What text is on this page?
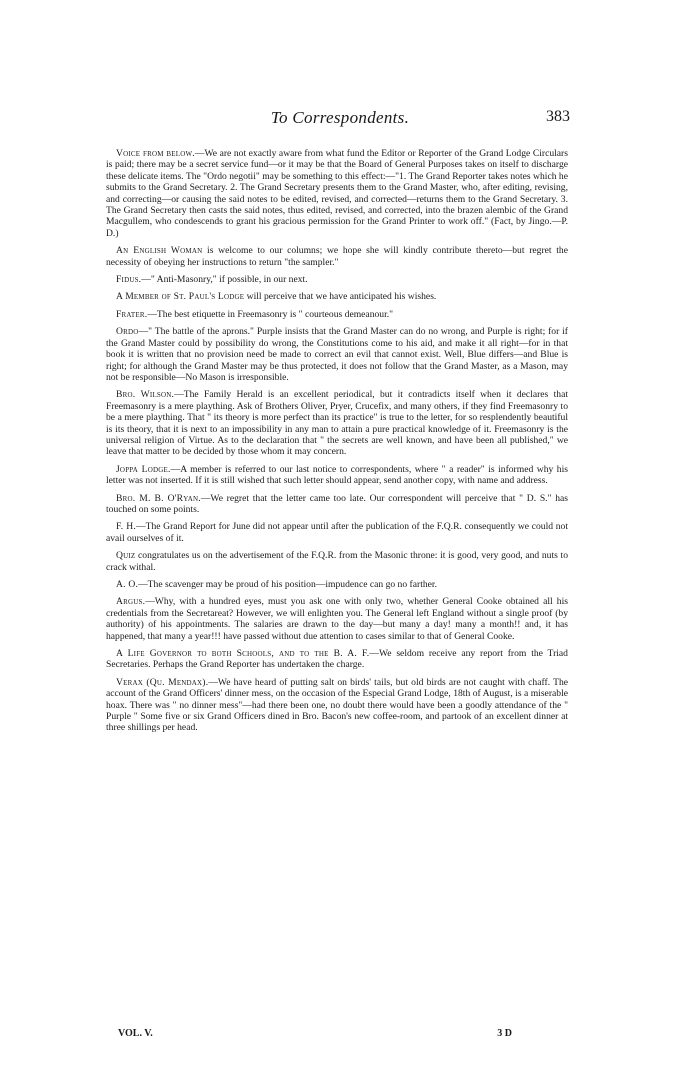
To Correspondents.	383

Voice from below.—We are not exactly aware from what fund the Editor or Reporter of the Grand Lodge Circulars is paid; there may be a secret service fund—or it may be that the Board of General Purposes takes on itself to discharge these delicate items. The "Ordo negotii" may be something to this effect:—"1. The Grand Reporter takes notes which he submits to the Grand Secretary. 2. The Grand Secretary presents them to the Grand Master, who, after editing, revising, and correcting—or causing the said notes to be edited, revised, and corrected—returns them to the Grand Secretary. 3. The Grand Secretary then casts the said notes, thus edited, revised, and corrected, into the brazen alembic of the Grand Macgullem, who condescends to grant his gracious permission for the Grand Printer to work off." (Fact, by Jingo.—P. D.)

An English Woman is welcome to our columns; we hope she will kindly contribute thereto—but regret the necessity of obeying her instructions to return "the sampler."

Fidus.—" Anti-Masonry," if possible, in our next.

A Member of St. Paul's Lodge will perceive that we have anticipated his wishes.

Frater.—The best etiquette in Freemasonry is " courteous demeanour."

Ordo—" The battle of the aprons." Purple insists that the Grand Master can do no wrong, and Purple is right; for if the Grand Master could by possibility do wrong, the Constitutions come to his aid, and make it all right—for in that book it is written that no provision need be made to correct an evil that cannot exist. Well, Blue differs—and Blue is right; for although the Grand Master may be thus protected, it does not follow that the Grand Master, as a Mason, may not be responsible—No Mason is irresponsible.

Bro. Wilson.—The Family Herald is an excellent periodical, but it contradicts itself when it declares that Freemasonry is a mere plaything. Ask of Brothers Oliver, Pryer, Crucefix, and many others, if they find Freemasonry to be a mere plaything. That " its theory is more perfect than its practice" is true to the letter, for so resplendently beautiful is its theory, that it is next to an impossibility in any man to attain a pure practical knowledge of it. Freemasonry is the universal religion of Virtue. As to the declaration that " the secrets are well known, and have been all published," we leave that matter to be decided by those whom it may concern.

Joppa Lodge.—A member is referred to our last notice to correspondents, where " a reader" is informed why his letter was not inserted. If it is still wished that such letter should appear, send another copy, with name and address.

Bro. M. B. O'Ryan.—We regret that the letter came too late. Our correspondent will perceive that " D. S." has touched on some points.

F. H.—The Grand Report for June did not appear until after the publication of the F.Q.R. consequently we could not avail ourselves of it.

Quiz congratulates us on the advertisement of the F.Q.R. from the Masonic throne: it is good, very good, and nuts to crack withal.

A. O.—The scavenger may be proud of his position—impudence can go no farther.

Argus.—Why, with a hundred eyes, must you ask one with only two, whether General Cooke obtained all his credentials from the Secretareat? However, we will enlighten you. The General left England without a single proof (by authority) of his appointments. The salaries are drawn to the day—but many a day! many a month!! and, it has happened, that many a year!!! have passed without due attention to cases similar to that of General Cooke.

A Life Governor to both Schools, and to the B. A. F.—We seldom receive any report from the Triad Secretaries. Perhaps the Grand Reporter has undertaken the charge.

Verax (Qu. Mendax).—We have heard of putting salt on birds' tails, but old birds are not caught with chaff. The account of the Grand Officers' dinner mess, on the occasion of the Especial Grand Lodge, 18th of August, is a miserable hoax. There was " no dinner mess"—had there been one, no doubt there would have been a goodly attendance of the " Purple " Some five or six Grand Officers dined in Bro. Bacon's new coffee-room, and partook of an excellent dinner at three shillings per head.

VOL. V.	3 D
